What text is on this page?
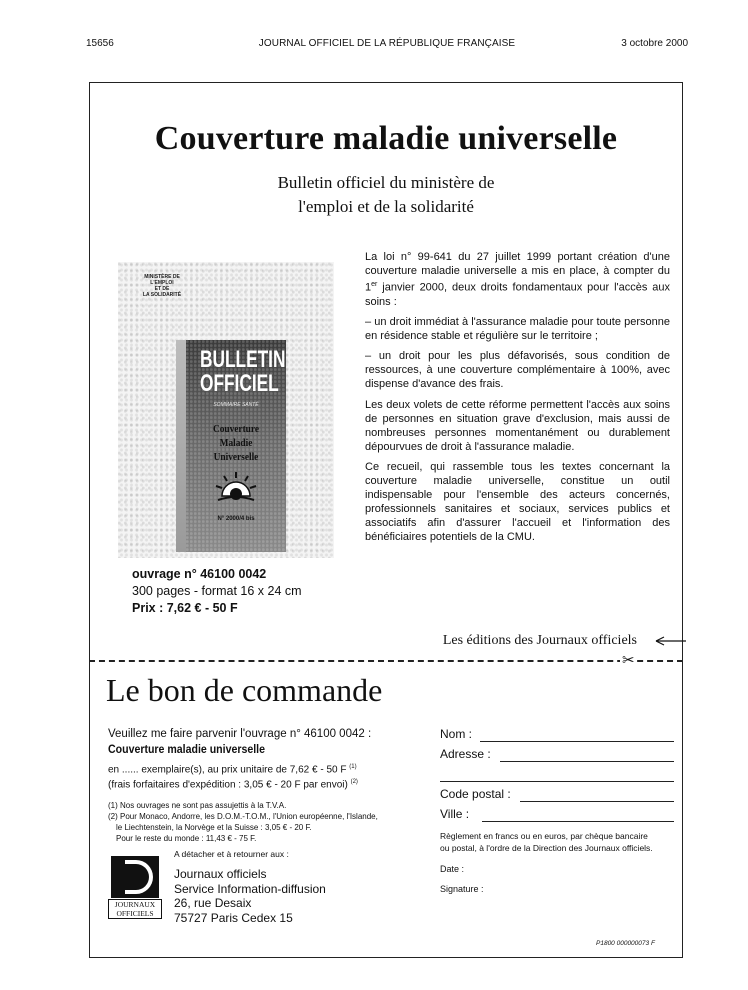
15656	JOURNAL OFFICIEL DE LA RÉPUBLIQUE FRANÇAISE	3 octobre 2000
Couverture maladie universelle
Bulletin officiel du ministère de
l'emploi et de la solidarité
MINISTÈRE DE L'EMPLOI
ET DE
LA SOLIDARITÉ
BULLETIN
OFFICIEL
SOMMAIRE SANTÉ
Couverture
Maladie
Universelle
N° 2000/4 bis
ouvrage n° 46100 0042
300 pages - format 16 x 24 cm
Prix : 7,62 € - 50 F

La loi n° 99-641 du 27 juillet 1999 portant création d'une couverture maladie universelle a mis en place, à compter du 1er janvier 2000, deux droits fondamentaux pour l'accès aux soins :

– un droit immédiat à l'assurance maladie pour toute personne en résidence stable et régulière sur le territoire ;

– un droit pour les plus défavorisés, sous condition de ressources, à une couverture complémentaire à 100%, avec dispense d'avance des frais.

Les deux volets de cette réforme permettent l'accès aux soins de personnes en situation grave d'exclusion, mais aussi de nombreuses personnes momentanément ou durablement dépourvues de droit à l'assurance maladie.

Ce recueil, qui rassemble tous les textes concernant la couverture maladie universelle, constitue un outil indispensable pour l'ensemble des acteurs concernés, professionnels sanitaires et sociaux, services publics et associatifs afin d'assurer l'accueil et l'information des bénéficiaires potentiels de la CMU.

Les éditions des Journaux officiels
✂
Le bon de commande
Veuillez me faire parvenir l'ouvrage n° 46100 0042 :
Couverture maladie universelle
en ...... exemplaire(s), au prix unitaire de 7,62 € - 50 F $^{(1)}$
(frais forfaitaires d'expédition : 3,05 € - 20 F par envoi) $^{(2)}$
(1) Nos ouvrages ne sont pas assujettis à la T.V.A.
(2) Pour Monaco, Andorre, les D.O.M.-T.O.M., l'Union européenne, l'Islande,
le Liechtenstein, la Norvège et la Suisse : 3,05 € - 20 F.
Pour le reste du monde : 11,43 € - 75 F.
A détacher et à retourner aux :
JOURNAUX
OFFICIELS
Journaux officiels
Service Information-diffusion
26, rue Desaix
75727 Paris Cedex 15
Nom :
Adresse :
Code postal :
Ville :
Règlement en francs ou en euros, par chèque bancaire
ou postal, à l'ordre de la Direction des Journaux officiels.
Date :
Signature :
P1800 000000073 F
